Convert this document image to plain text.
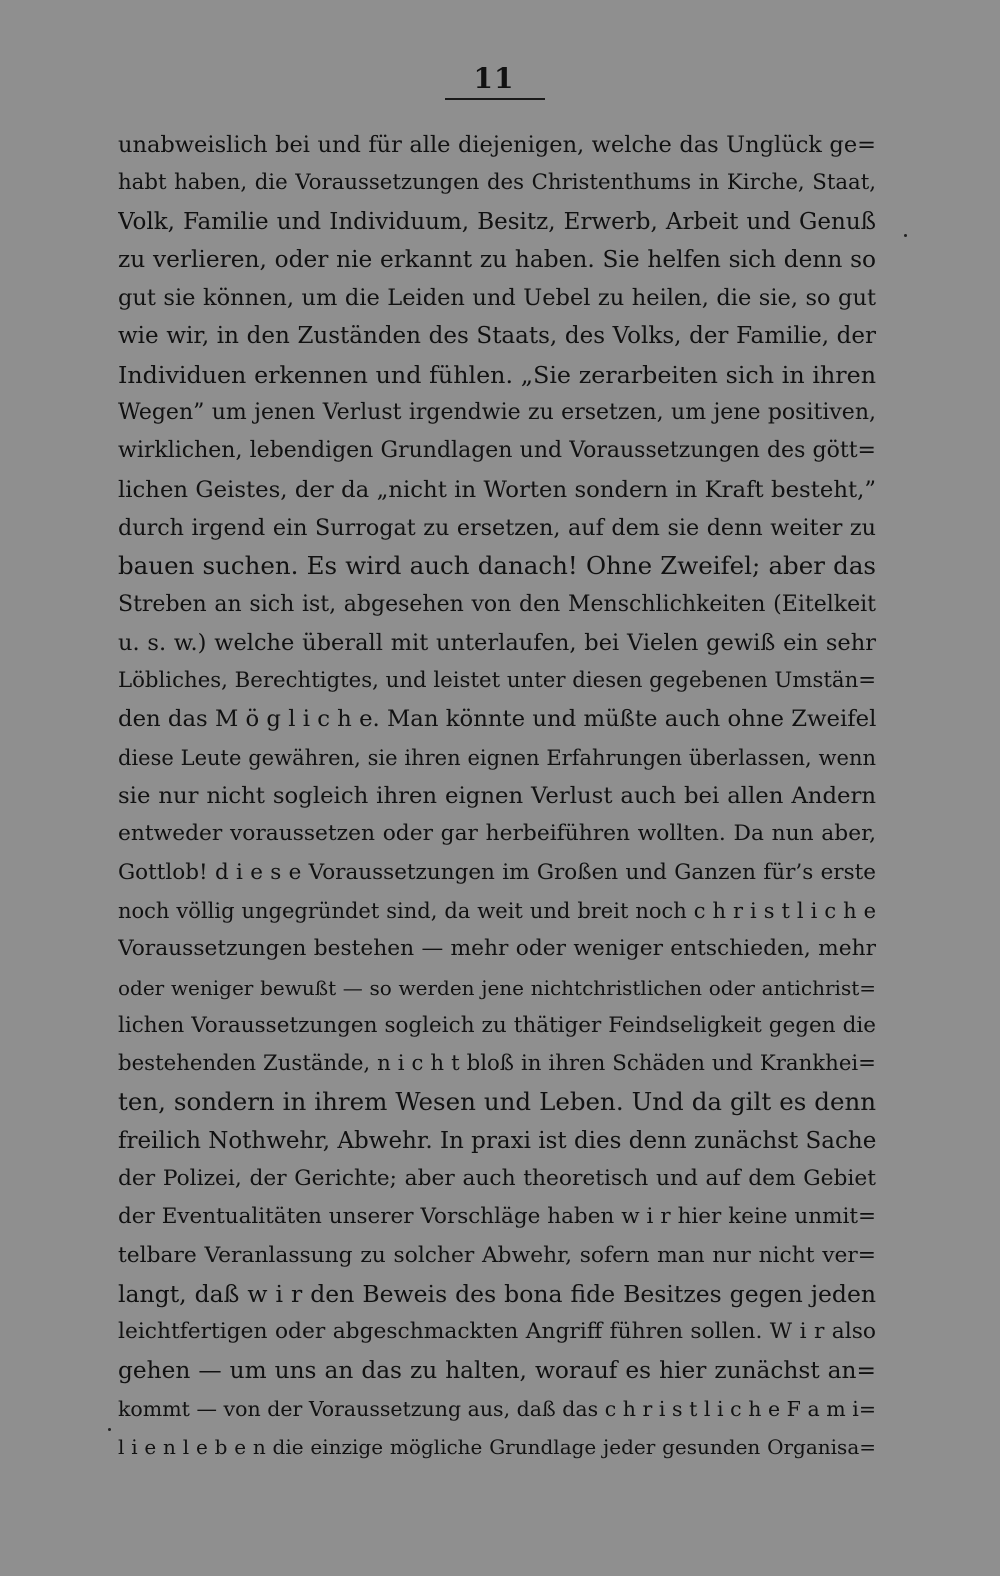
11
unabweislich bei und für alle diejenigen, welche das Unglück ge=
habt haben, die Voraussetzungen des Christenthums in Kirche, Staat,
Volk, Familie und Individuum, Besitz, Erwerb, Arbeit und Genuß
zu verlieren, oder nie erkannt zu haben. Sie helfen sich denn so
gut sie können, um die Leiden und Uebel zu heilen, die sie, so gut
wie wir, in den Zuständen des Staats, des Volks, der Familie, der
Individuen erkennen und fühlen. „Sie zerarbeiten sich in ihren
Wegen” um jenen Verlust irgendwie zu ersetzen, um jene positiven,
wirklichen, lebendigen Grundlagen und Voraussetzungen des gött=
lichen Geistes, der da „nicht in Worten sondern in Kraft besteht,”
durch irgend ein Surrogat zu ersetzen, auf dem sie denn weiter zu
bauen suchen. Es wird auch danach! Ohne Zweifel; aber das
Streben an sich ist, abgesehen von den Menschlichkeiten (Eitelkeit
u. s. w.) welche überall mit unterlaufen, bei Vielen gewiß ein sehr
Löbliches, Berechtigtes, und leistet unter diesen gegebenen Umstän=
den das M ö g l i c h e. Man könnte und müßte auch ohne Zweifel
diese Leute gewähren, sie ihren eignen Erfahrungen überlassen, wenn
sie nur nicht sogleich ihren eignen Verlust auch bei allen Andern
entweder voraussetzen oder gar herbeiführen wollten. Da nun aber,
Gottlob! d i e s e Voraussetzungen im Großen und Ganzen für’s erste
noch völlig ungegründet sind, da weit und breit noch c h r i s t l i c h e
Voraussetzungen bestehen — mehr oder weniger entschieden, mehr
oder weniger bewußt — so werden jene nichtchristlichen oder antichrist=
lichen Voraussetzungen sogleich zu thätiger Feindseligkeit gegen die
bestehenden Zustände, n i c h t bloß in ihren Schäden und Krankhei=
ten, sondern in ihrem Wesen und Leben. Und da gilt es denn
freilich Nothwehr, Abwehr. In praxi ist dies denn zunächst Sache
der Polizei, der Gerichte; aber auch theoretisch und auf dem Gebiet
der Eventualitäten unserer Vorschläge haben w i r hier keine unmit=
telbare Veranlassung zu solcher Abwehr, sofern man nur nicht ver=
langt, daß w i r den Beweis des bona fide Besitzes gegen jeden
leichtfertigen oder abgeschmackten Angriff führen sollen. W i r also
gehen — um uns an das zu halten, worauf es hier zunächst an=
kommt — von der Voraussetzung aus, daß das c h r i s t l i c h e F a m i=
l i e n l e b e n die einzige mögliche Grundlage jeder gesunden Organisa=
